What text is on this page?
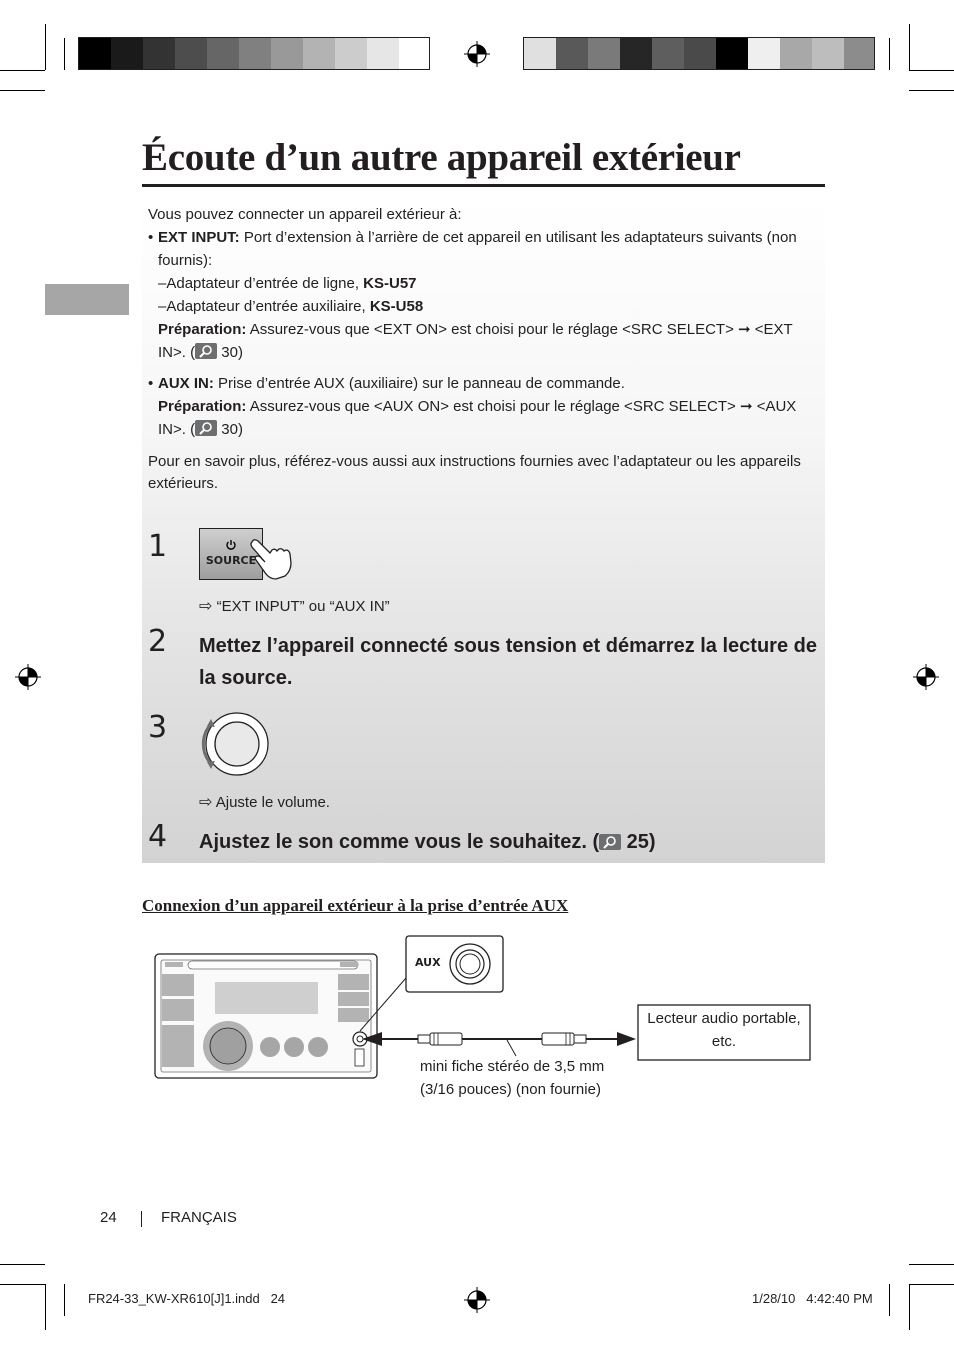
Écoute d’un autre appareil extérieur
Vous pouvez connecter un appareil extérieur à:
• EXT INPUT: Port d’extension à l’arrière de cet appareil en utilisant les adaptateurs suivants (non
fournis):
–Adaptateur d’entrée de ligne, KS-U57
–Adaptateur d’entrée auxiliaire, KS-U58
Préparation: Assurez-vous que <EXT ON> est choisi pour le réglage <SRC SELECT> ➞ <EXT
IN>. ( 30)
• AUX IN: Prise d’entrée AUX (auxiliaire) sur le panneau de commande.
Préparation: Assurez-vous que <AUX ON> est choisi pour le réglage <SRC SELECT> ➞ <AUX
IN>. ( 30)
Pour en savoir plus, référez-vous aussi aux instructions fournies avec l’adaptateur ou les appareils
extérieurs.
1	SOURCE
⇨ “EXT INPUT” ou “AUX IN”
2 Mettez l’appareil connecté sous tension et démarrez la lecture de
la source.
3
⇨ Ajuste le volume.
4 Ajustez le son comme vous le souhaitez. ( 25)
Connexion d’un appareil extérieur à la prise d’entrée AUX
AUX
Lecteur audio portable,
etc.
mini fiche stéréo de 3,5 mm
(3/16 pouces) (non fournie)
24	FRANÇAIS
FR24-33_KW-XR610[J]1.indd   24	1/28/10   4:42:40 PM
